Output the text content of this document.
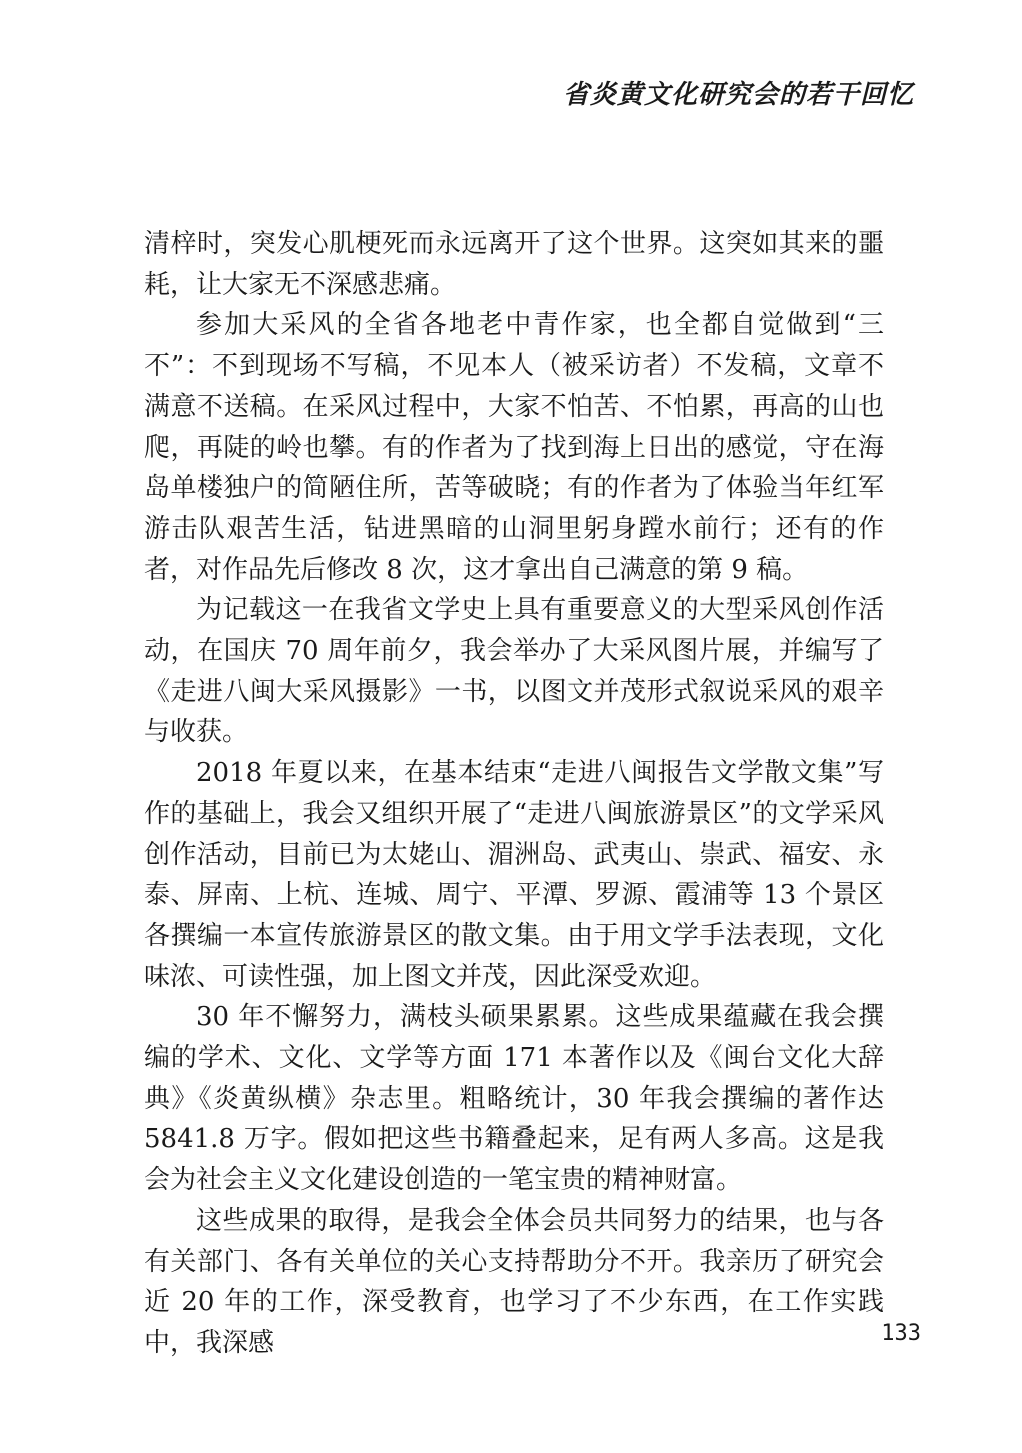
省炎黄文化研究会的若干回忆

清梓时，突发心肌梗死而永远离开了这个世界。这突如其来的噩耗，让大家无不深感悲痛。

参加大采风的全省各地老中青作家，也全都自觉做到“三不”：不到现场不写稿，不见本人（被采访者）不发稿，文章不满意不送稿。在采风过程中，大家不怕苦、不怕累，再高的山也爬，再陡的岭也攀。有的作者为了找到海上日出的感觉，守在海岛单楼独户的简陋住所，苦等破晓；有的作者为了体验当年红军游击队艰苦生活，钻进黑暗的山洞里躬身蹚水前行；还有的作者，对作品先后修改 8 次，这才拿出自己满意的第 9 稿。

为记载这一在我省文学史上具有重要意义的大型采风创作活动，在国庆 70 周年前夕，我会举办了大采风图片展，并编写了《走进八闽大采风摄影》一书，以图文并茂形式叙说采风的艰辛与收获。

2018 年夏以来，在基本结束“走进八闽报告文学散文集”写作的基础上，我会又组织开展了“走进八闽旅游景区”的文学采风创作活动，目前已为太姥山、湄洲岛、武夷山、崇武、福安、永泰、屏南、上杭、连城、周宁、平潭、罗源、霞浦等 13 个景区各撰编一本宣传旅游景区的散文集。由于用文学手法表现，文化味浓、可读性强，加上图文并茂，因此深受欢迎。

30 年不懈努力，满枝头硕果累累。这些成果蕴藏在我会撰编的学术、文化、文学等方面 171 本著作以及《闽台文化大辞典》《炎黄纵横》杂志里。粗略统计，30 年我会撰编的著作达 5841.8 万字。假如把这些书籍叠起来，足有两人多高。这是我会为社会主义文化建设创造的一笔宝贵的精神财富。

这些成果的取得，是我会全体会员共同努力的结果，也与各有关部门、各有关单位的关心支持帮助分不开。我亲历了研究会近 20 年的工作，深受教育，也学习了不少东西，在工作实践中，我深感	133
